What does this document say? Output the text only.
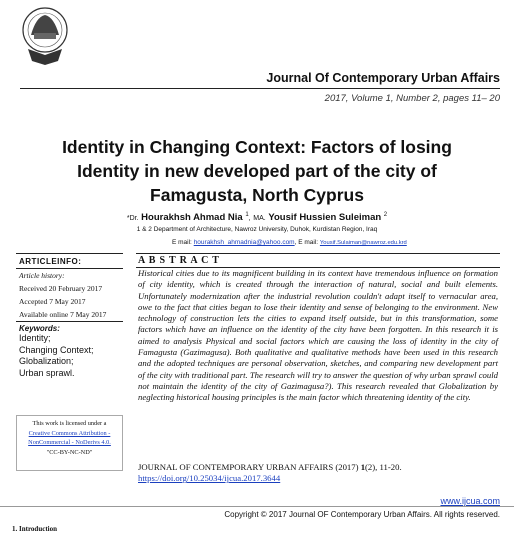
Journal Of Contemporary Urban Affairs
2017, Volume 1, Number 2, pages 11– 20
Identity in Changing Context: Factors of losing
Identity in new developed part of the city of
Famagusta, North Cyprus
*Dr. Hourakhsh Ahmad Nia $^1$, MA. Yousif Hussien Suleiman $^2$
1 & 2 Department of Architecture, Nawroz University, Duhok, Kurdistan Region, Iraq
E mail: hourakhsh_ahmadnia@yahoo.com, E mail: Yousif.Sulaiman@nawroz.edu.krd
ARTICLEINFO:
Article history:
Received 20 February 2017
Accepted 7 May 2017
Available online 7 May 2017
Keywords:
Identity;
Changing Context;
Globalization;
Urban sprawl.
This work is licensed under a
Creative Commons Attribution -
NonCommercial - NoDerivs 4.0.
"CC-BY-NC-ND"
A B S T R A C T
Historical cities due to its magnificent building in its context have tremendous influence on formation of city identity, which is created through the interaction of natural, social and built elements. Unfortunately modernization after the industrial revolution couldn't adapt itself to vernacular area, owe to the fact that cities began to lose their identity and sense of belonging to the environment. New technology of construction lets the cities to expand itself outside, but in this transformation, some factors which have an influence on the identity of the city have been forgotten. In this research it is aimed to analysis Physical and social factors which are causing the loss of identity in the city of Famagusta (Gazimagusa). Both qualitative and qualitative methods have been used in this research and the adopted techniques are personal observation, sketches, and comparing new development part of the city with traditional part. The research will try to answer the question of why urban sprawl could not maintain the identity of the city of Gazimagusa?). This research revealed that Globalization by neglecting historical housing principles is the main factor which threatening identity of the city.
JOURNAL OF CONTEMPORARY URBAN AFFAIRS (2017) 1(2), 11-20.
https://doi.org/10.25034/ijcua.2017.3644
www.ijcua.com
Copyright © 2017 Journal OF Contemporary Urban Affairs. All rights reserved.
1. Introduction
